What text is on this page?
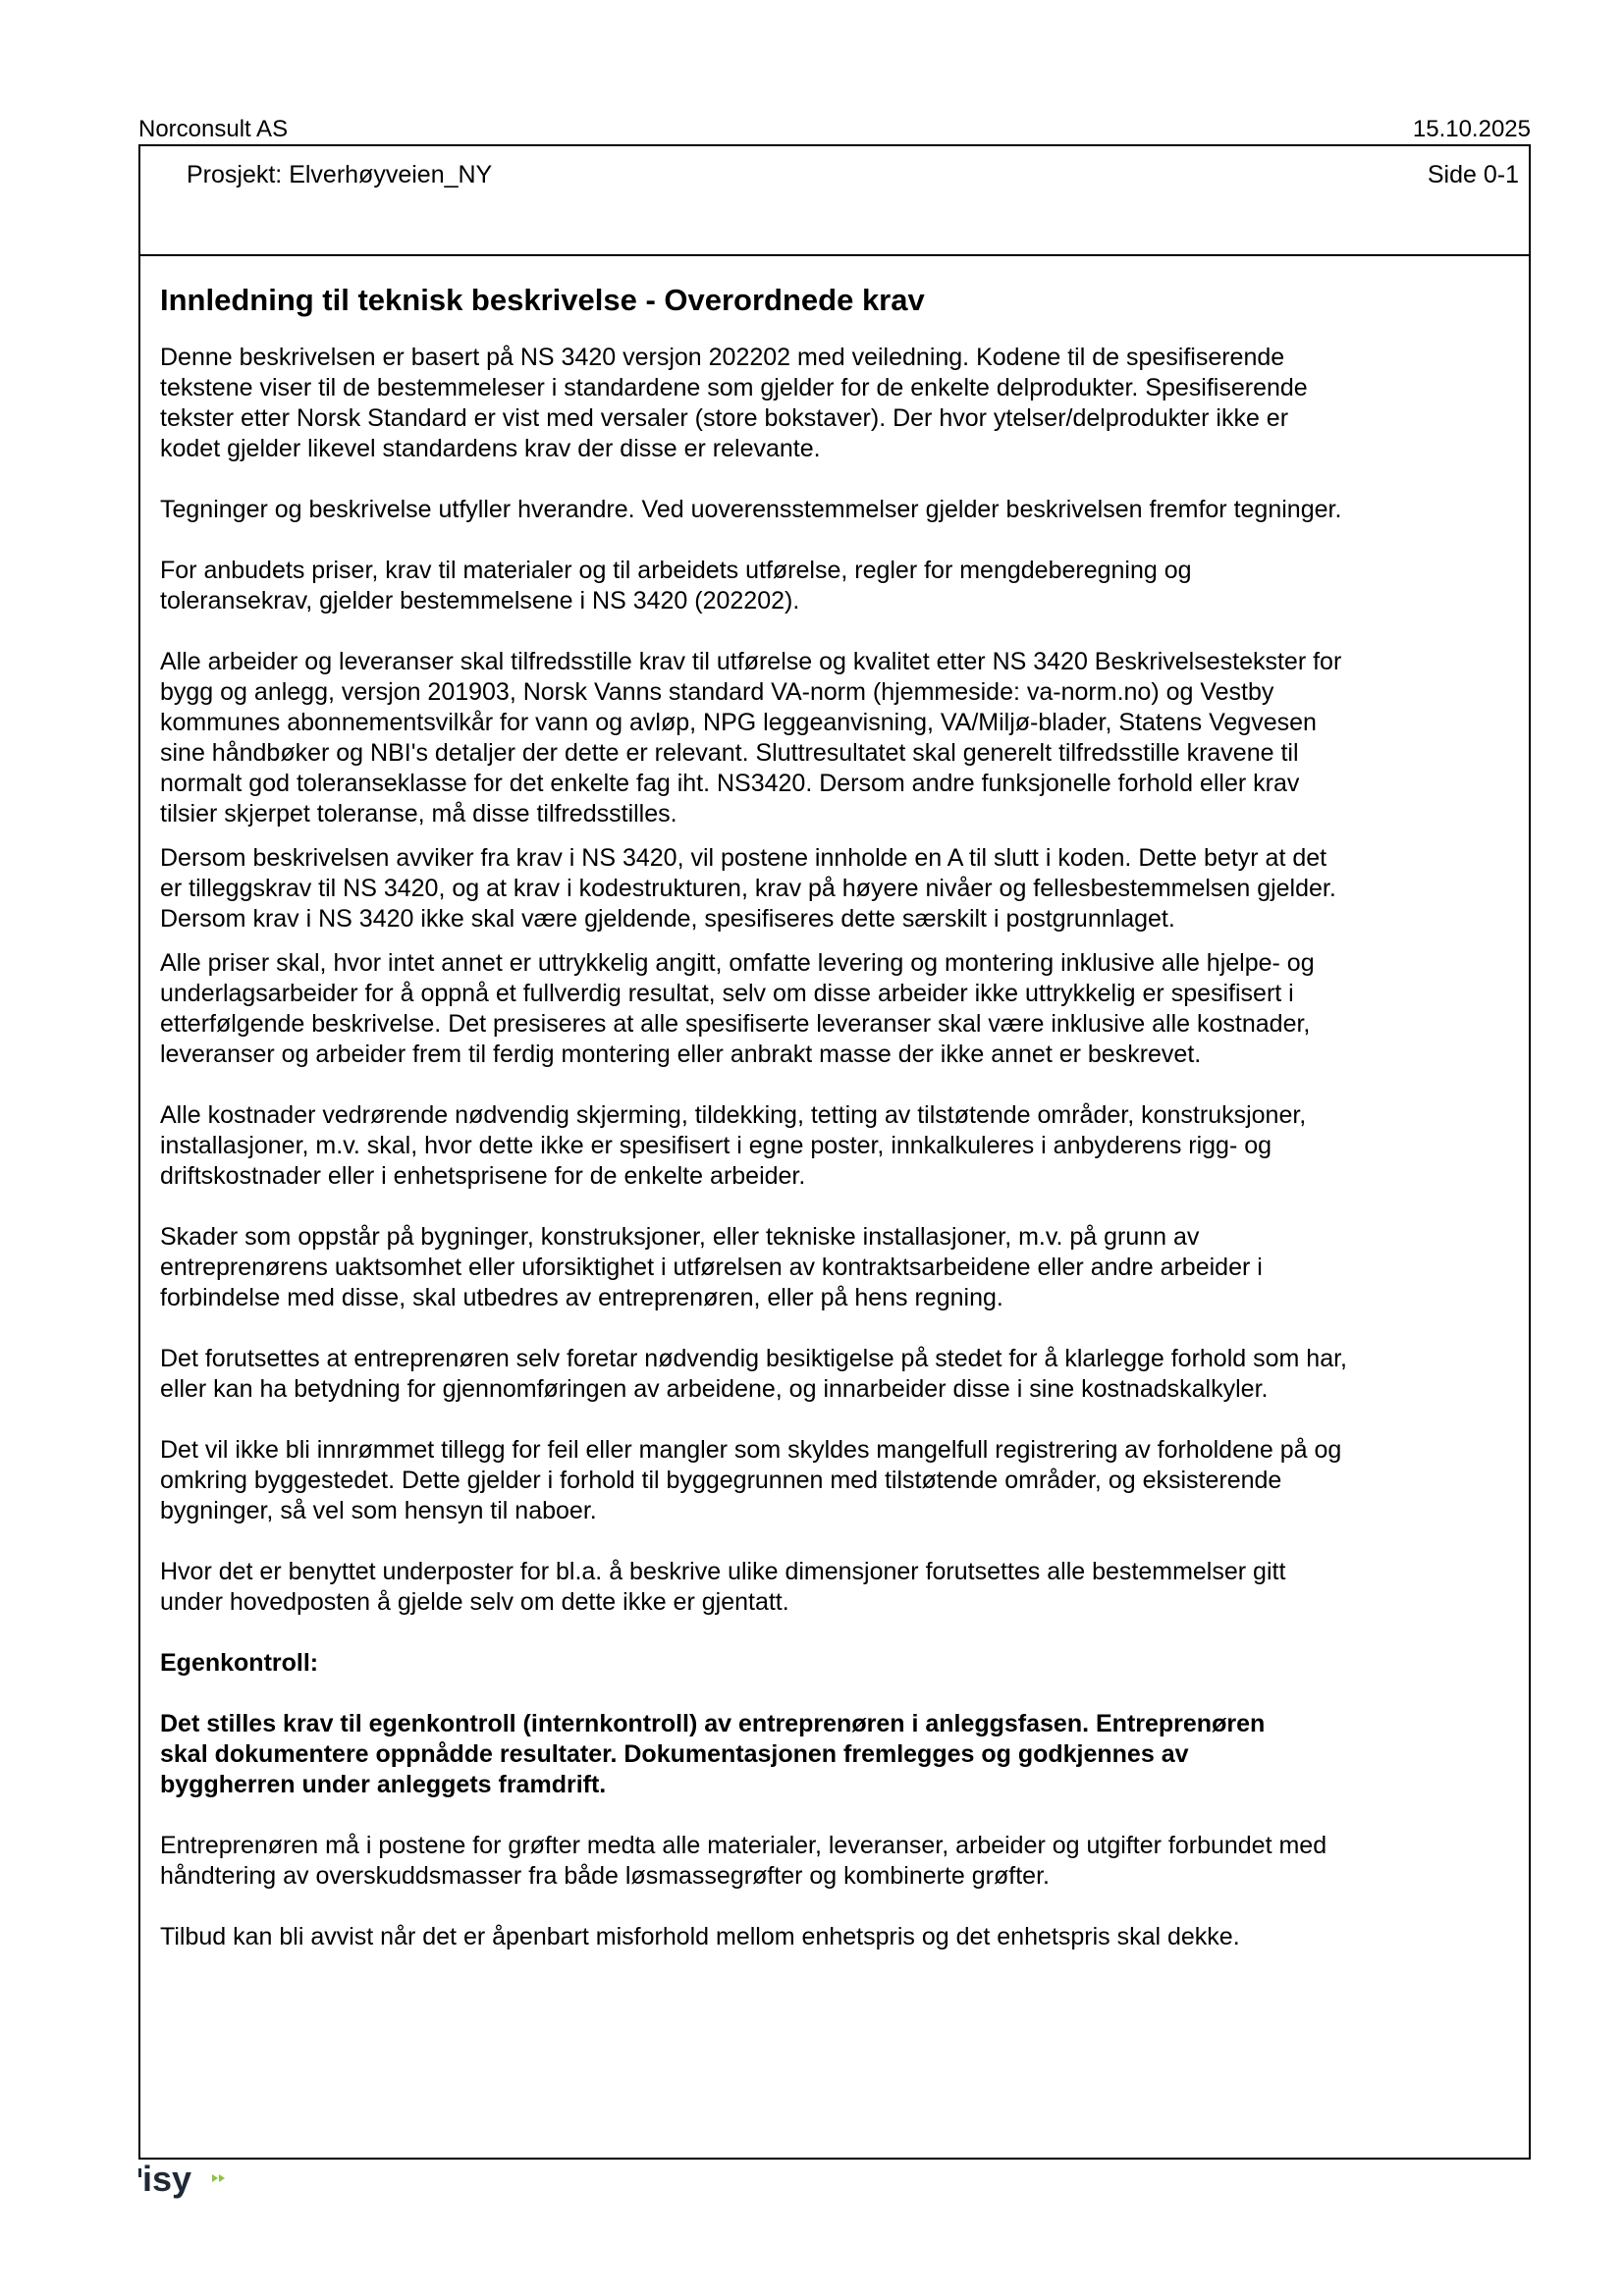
Norconsult AS	15.10.2025
Prosjekt: Elverhøyveien_NY	Side 0-1
Innledning til teknisk beskrivelse - Overordnede krav

Denne beskrivelsen er basert på NS 3420 versjon 202202 med veiledning. Kodene til de spesifiserende
tekstene viser til de bestemmeleser i standardene som gjelder for de enkelte delprodukter. Spesifiserende
tekster etter Norsk Standard er vist med versaler (store bokstaver). Der hvor ytelser/delprodukter ikke er
kodet gjelder likevel standardens krav der disse er relevante.

Tegninger og beskrivelse utfyller hverandre. Ved uoverensstemmelser gjelder beskrivelsen fremfor tegninger.

For anbudets priser, krav til materialer og til arbeidets utførelse, regler for mengdeberegning og
toleransekrav, gjelder bestemmelsene i NS 3420 (202202).

Alle arbeider og leveranser skal tilfredsstille krav til utførelse og kvalitet etter NS 3420 Beskrivelsestekster for
bygg og anlegg, versjon 201903, Norsk Vanns standard VA-norm (hjemmeside: va-norm.no) og Vestby
kommunes abonnementsvilkår for vann og avløp, NPG leggeanvisning, VA/Miljø-blader, Statens Vegvesen
sine håndbøker og NBI's detaljer der dette er relevant. Sluttresultatet skal generelt tilfredsstille kravene til
normalt god toleranseklasse for det enkelte fag iht. NS3420. Dersom andre funksjonelle forhold eller krav
tilsier skjerpet toleranse, må disse tilfredsstilles.

Dersom beskrivelsen avviker fra krav i NS 3420, vil postene innholde en A til slutt i koden. Dette betyr at det
er tilleggskrav til NS 3420, og at krav i kodestrukturen, krav på høyere nivåer og fellesbestemmelsen gjelder.
Dersom krav i NS 3420 ikke skal være gjeldende, spesifiseres dette særskilt i postgrunnlaget.

Alle priser skal, hvor intet annet er uttrykkelig angitt, omfatte levering og montering inklusive alle hjelpe- og
underlagsarbeider for å oppnå et fullverdig resultat, selv om disse arbeider ikke uttrykkelig er spesifisert i
etterfølgende beskrivelse. Det presiseres at alle spesifiserte leveranser skal være inklusive alle kostnader,
leveranser og arbeider frem til ferdig montering eller anbrakt masse der ikke annet er beskrevet.

Alle kostnader vedrørende nødvendig skjerming, tildekking, tetting av tilstøtende områder, konstruksjoner,
installasjoner, m.v. skal, hvor dette ikke er spesifisert i egne poster, innkalkuleres i anbyderens rigg- og
driftskostnader eller i enhetsprisene for de enkelte arbeider.

Skader som oppstår på bygninger, konstruksjoner, eller tekniske installasjoner, m.v. på grunn av
entreprenørens uaktsomhet eller uforsiktighet i utførelsen av kontraktsarbeidene eller andre arbeider i
forbindelse med disse, skal utbedres av entreprenøren, eller på hens regning.

Det forutsettes at entreprenøren selv foretar nødvendig besiktigelse på stedet for å klarlegge forhold som har,
eller kan ha betydning for gjennomføringen av arbeidene, og innarbeider disse i sine kostnadskalkyler.

Det vil ikke bli innrømmet tillegg for feil eller mangler som skyldes mangelfull registrering av forholdene på og
omkring byggestedet. Dette gjelder i forhold til byggegrunnen med tilstøtende områder, og eksisterende
bygninger, så vel som hensyn til naboer.

Hvor det er benyttet underposter for bl.a. å beskrive ulike dimensjoner forutsettes alle bestemmelser gitt
under hovedposten å gjelde selv om dette ikke er gjentatt.

Egenkontroll:

Det stilles krav til egenkontroll (internkontroll) av entreprenøren i anleggsfasen. Entreprenøren
skal dokumentere oppnådde resultater. Dokumentasjonen fremlegges og godkjennes av
byggherren under anleggets framdrift.

Entreprenøren må i postene for grøfter medta alle materialer, leveranser, arbeider og utgifter forbundet med
håndtering av overskuddsmasser fra både løsmassegrøfter og kombinerte grøfter.

Tilbud kan bli avvist når det er åpenbart misforhold mellom enhetspris og det enhetspris skal dekke.

isy
